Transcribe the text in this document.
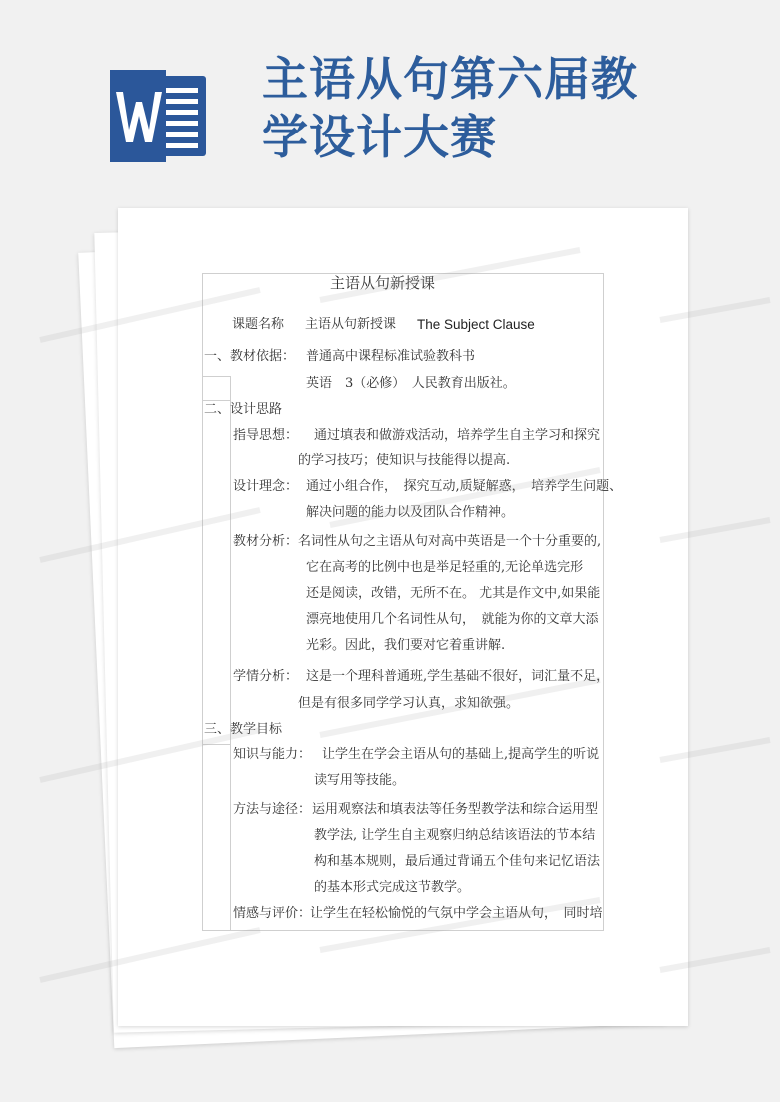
主语从句第六届教
学设计大赛
主语从句新授课
课题名称 主语从句新授课 The Subject Clause
一、教材依据： 普通高中课程标准试验教科书
英语　3（必修）　人民教育出版社。
二、设计思路
指导思想： 通过填表和做游戏活动，培养学生自主学习和探究
的学习技巧；使知识与技能得以提高.
设计理念： 通过小组合作，　探究互动,质疑解惑，　培养学生问题、
解决问题的能力以及团队合作精神。
教材分析： 名词性从句之主语从句对高中英语是一个十分重要的,
它在高考的比例中也是举足轻重的,无论单选完形
还是阅读，改错，无所不在。 尤其是作文中,如果能
漂亮地使用几个名词性从句，　就能为你的文章大添
光彩。因此，我们要对它着重讲解.
学情分析： 这是一个理科普通班,学生基础不很好，词汇量不足，
但是有很多同学学习认真，求知欲强。
三、教学目标
知识与能力： 让学生在学会主语从句的基础上,提高学生的听说
读写用等技能。
方法与途径： 运用观察法和填表法等任务型教学法和综合运用型
教学法, 让学生自主观察归纳总结该语法的节本结
构和基本规则，最后通过背诵五个佳句来记忆语法
的基本形式完成这节教学。
情感与评价：
让学生在轻松愉悦的气氛中学会主语从句，　同时培
